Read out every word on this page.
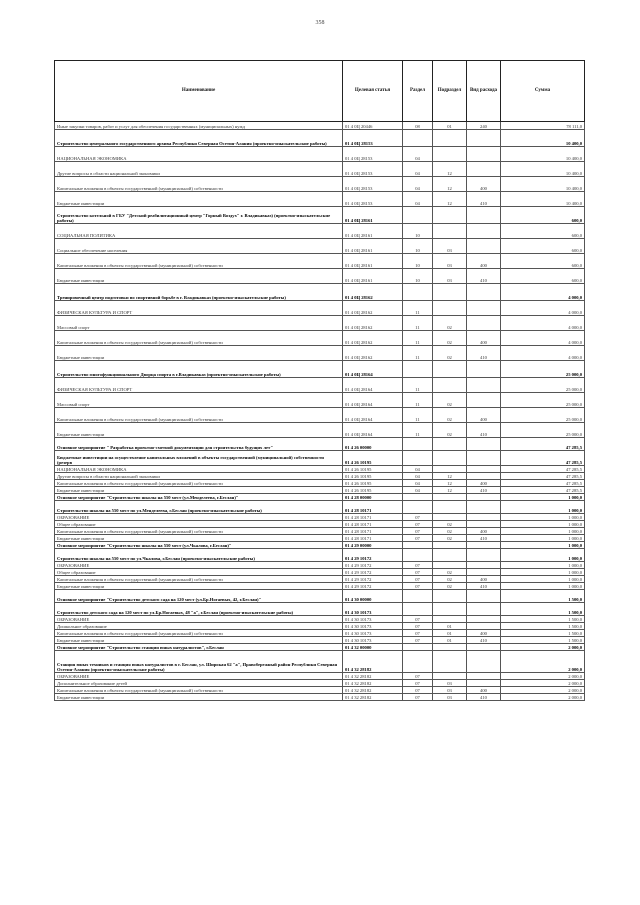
358
Наименование	Целевая статья	Раздел	Подраздел	Вид расхода	Сумма
Иные закупки товаров, работ и услуг для обеспечения государственных (муниципальных) нужд	01 4 0Ц 20446	08	01	240	78 111,0
Строительство центрального государственного архива Республики Северная Осетия-Алания (проектно-изыскательские работы)	01 4 0Ц 28153				10 400,0
НАЦИОНАЛЬНАЯ ЭКОНОМИКА	01 4 0Ц 28153	04			10 400,0
Другие вопросы в области национальной экономики	01 4 0Ц 28153	04	12		10 400,0
Капитальные вложения в объекты государственной (муниципальной) собственности	01 4 0Ц 28153	04	12	400	10 400,0
Бюджетные инвестиции	01 4 0Ц 28153	04	12	410	10 400,0
Строительство котельной в ГБУ "Детский реабилитационный центр "Горный Воздух" г. Владикавказ) (проектно-изыскательские работы)	01 4 0Ц 28161				600,0
СОЦИАЛЬНАЯ ПОЛИТИКА	01 4 0Ц 28161	10			600,0
Социальное обеспечение населения	01 4 0Ц 28161	10	03		600,0
Капитальные вложения в объекты государственной (муниципальной) собственности	01 4 0Ц 28161	10	03	400	600,0
Бюджетные инвестиции	01 4 0Ц 28161	10	03	410	600,0
Тренировочный центр подготовки по спортивной борьбе в г. Владикавказ (проектно-изыскательские работы)	01 4 0Ц 28162				4 000,0
ФИЗИЧЕСКАЯ КУЛЬТУРА И СПОРТ	01 4 0Ц 28162	11			4 000,0
Массовый спорт	01 4 0Ц 28162	11	02		4 000,0
Капитальные вложения в объекты государственной (муниципальной) собственности	01 4 0Ц 28162	11	02	400	4 000,0
Бюджетные инвестиции	01 4 0Ц 28162	11	02	410	4 000,0
Строительство многофункционального Дворца спорта в г.Владикавказ (проектно-изыскательские работы)	01 4 0Ц 28164				25 000,0
ФИЗИЧЕСКАЯ КУЛЬТУРА И СПОРТ	01 4 0Ц 28164	11			25 000,0
Массовый спорт	01 4 0Ц 28164	11	02		25 000,0
Капитальные вложения в объекты государственной (муниципальной) собственности	01 4 0Ц 28164	11	02	400	25 000,0
Бюджетные инвестиции	01 4 0Ц 28164	11	02	410	25 000,0
Основное мероприятие " Разработка проектно-сметной документации для строительства будущих лет"	01 4 26 00000				47 285,5
Бюджетные инвестиции на осуществление капитальных вложений в объекты государственной (муниципальной) собственности (резерв	01 4 26 10195				47 285,5
НАЦИОНАЛЬНАЯ ЭКОНОМИКА	01 4 26 10195	04			47 285,5
Другие вопросы в области национальной экономики	01 4 26 10195	04	12		47 285,5
Капитальные вложения в объекты государственной (муниципальной) собственности	01 4 26 10195	04	12	400	47 285,5
Бюджетные инвестиции	01 4 26 10195	04	12	410	47 285,5
Основное мероприятие "Строительство школы на 550 мест (ул.Менделеева, г.Беслан)"	01 4 28 00000				1 000,0
Строительство школы на 550 мест по ул.Менделеева, г.Беслан (проектно-изыскательские работы)	01 4 28 10171				1 000,0
ОБРАЗОВАНИЕ	01 4 28 10171	07			1 000,0
Общее образование	01 4 28 10171	07	02		1 000,0
Капитальные вложения в объекты государственной (муниципальной) собственности	01 4 28 10171	07	02	400	1 000,0
Бюджетные инвестиции	01 4 28 10171	07	02	410	1 000,0
Основное мероприятие "Строительство школы на 550 мест (ул.Чкалова, г.Беслан)"	01 4 29 00000				1 000,0
Строительство школы на 550 мест по ул.Чкалова, г.Беслан (проектно-изыскательские работы)	01 4 29 10172				1 000,0
ОБРАЗОВАНИЕ	01 4 29 10172	07			1 000,0
Общее образование	01 4 29 10172	07	02		1 000,0
Капитальные вложения в объекты государственной (муниципальной) собственности	01 4 29 10172	07	02	400	1 000,0
Бюджетные инвестиции	01 4 29 10172	07	02	410	1 000,0
Основное мероприятие "Строительство детского сада на 120 мест (ул.Бр.Ногаевых, 42, г.Беслан)"	01 4 30 00000				1 500,0
Строительство детского сада на 120 мест по ул.Бр.Ногаевых, 48 "а", г.Беслан (проектно-изыскательские работы)	01 4 30 10173				1 500,0
ОБРАЗОВАНИЕ	01 4 30 10173	07			1 500,0
Дошкольное образование	01 4 30 10173	07	01		1 500,0
Капитальные вложения в объекты государственной (муниципальной) собственности	01 4 30 10173	07	01	400	1 500,0
Бюджетные инвестиции	01 4 30 10173	07	01	410	1 500,0
Основное мероприятие "Строительство станции юных натуралистов", г.Беслан	01 4 32 00000				2 000,0
Станция юных техников и станция юных натуралистов в г. Беслан, ул. Широкая 62 "а", Правобережный район Республики Северная Осетия-Алания (проектно-изыскательские работы)	01 4 32 28182				2 000,0
ОБРАЗОВАНИЕ	01 4 32 28182	07			2 000,0
Дополнительное образование детей	01 4 32 28182	07	03		2 000,0
Капитальные вложения в объекты государственной (муниципальной) собственности	01 4 32 28182	07	03	400	2 000,0
Бюджетные инвестиции	01 4 32 28182	07	03	410	2 000,0
